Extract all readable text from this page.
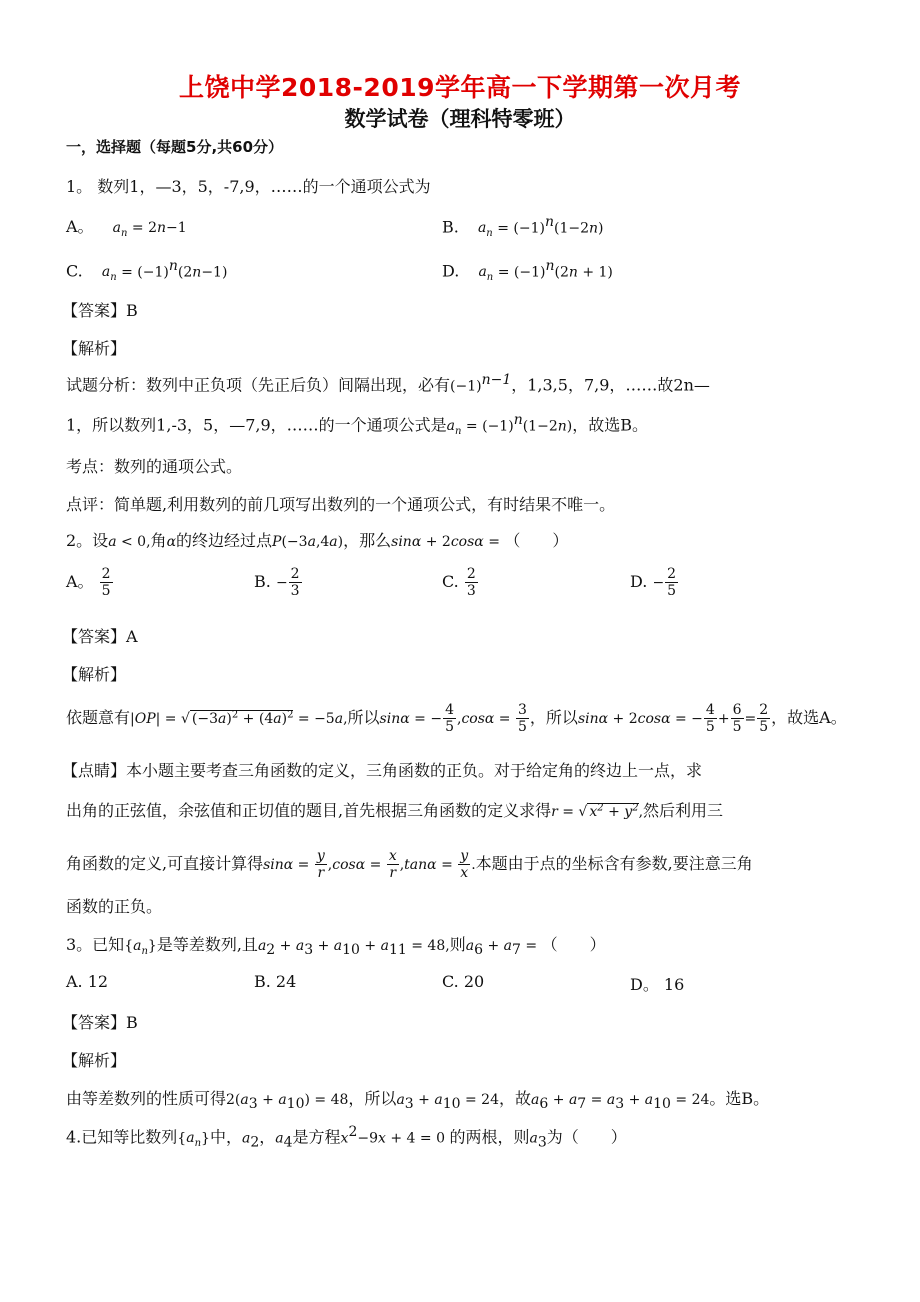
上饶中学2018-2019学年高一下学期第一次月考
数学试卷（理科特零班）
一，选择题（每题5分,共60分）
1。 数列1，—3，5，-7,9，……的一个通项公式为
A。 $a_n = 2n-1$	B. $a_n = (-1)^n(1-2n)$
C. $a_n = (-1)^n(2n-1)$	D. $a_n = (-1)^n(2n + 1)$
【答案】B
【解析】
试题分析：数列中正负项（先正后负）间隔出现，必有$(-1)^{n-1}$，1,3,5，7,9，……故2n—
1，所以数列1,-3，5，—7,9，……的一个通项公式是$a_n = (-1)^n(1-2n)$，故选B。
考点：数列的通项公式。
点评：简单题,利用数列的前几项写出数列的一个通项公式，有时结果不唯一。
2。设a < 0,角α的终边经过点P(−3a,4a)，那么sinα + 2cosα = （　　）
A。 $\frac{2}{5}$	B. − $\frac{2}{3}$	C. $\frac{2}{3}$	D. − $\frac{2}{5}$
【答案】A
【解析】
依题意有|OP| = √ $(-3a)^2 + (4a)^2 = -5a$,所以sinα = − $\frac{4}{5} ,\cos\alpha = \frac{3}{5}$ ，所以sinα + 2cosα = − $\frac{4}{5} + \frac{6}{5} = \frac{2}{5}$ ，故选A。
【点睛】本小题主要考查三角函数的定义，三角函数的正负。对于给定角的终边上一点，求
出角的正弦值，余弦值和正切值的题目,首先根据三角函数的定义求得r = √ $x^2 + y^2$,然后利用三
角函数的定义,可直接计算得$\sin\alpha = \frac{y}{r} ,\cos\alpha = \frac{x}{r} ,\tan\alpha = \frac{y}{x}$ .本题由于点的坐标含有参数,要注意三角
函数的正负。
3。已知$\{a_n\}$是等差数列,且$a_2 + a_3 + a_{10} + a_{11} = 48$,则$a_6 + a_7$ = （　　）
A. 12	B. 24	C. 20	D。 16
【答案】B
【解析】
由等差数列的性质可得$2(a_3 + a_{10}) = 48$，所以$a_3 + a_{10} = 24$，故$a_6 + a_7 = a_3 + a_{10} = 24$。选B。
4.已知等比数列$\{a_n\}$中，$a_2$，$a_4$是方程$x^2-9x + 4 = 0$ 的两根，则$a_3$为（　　）
